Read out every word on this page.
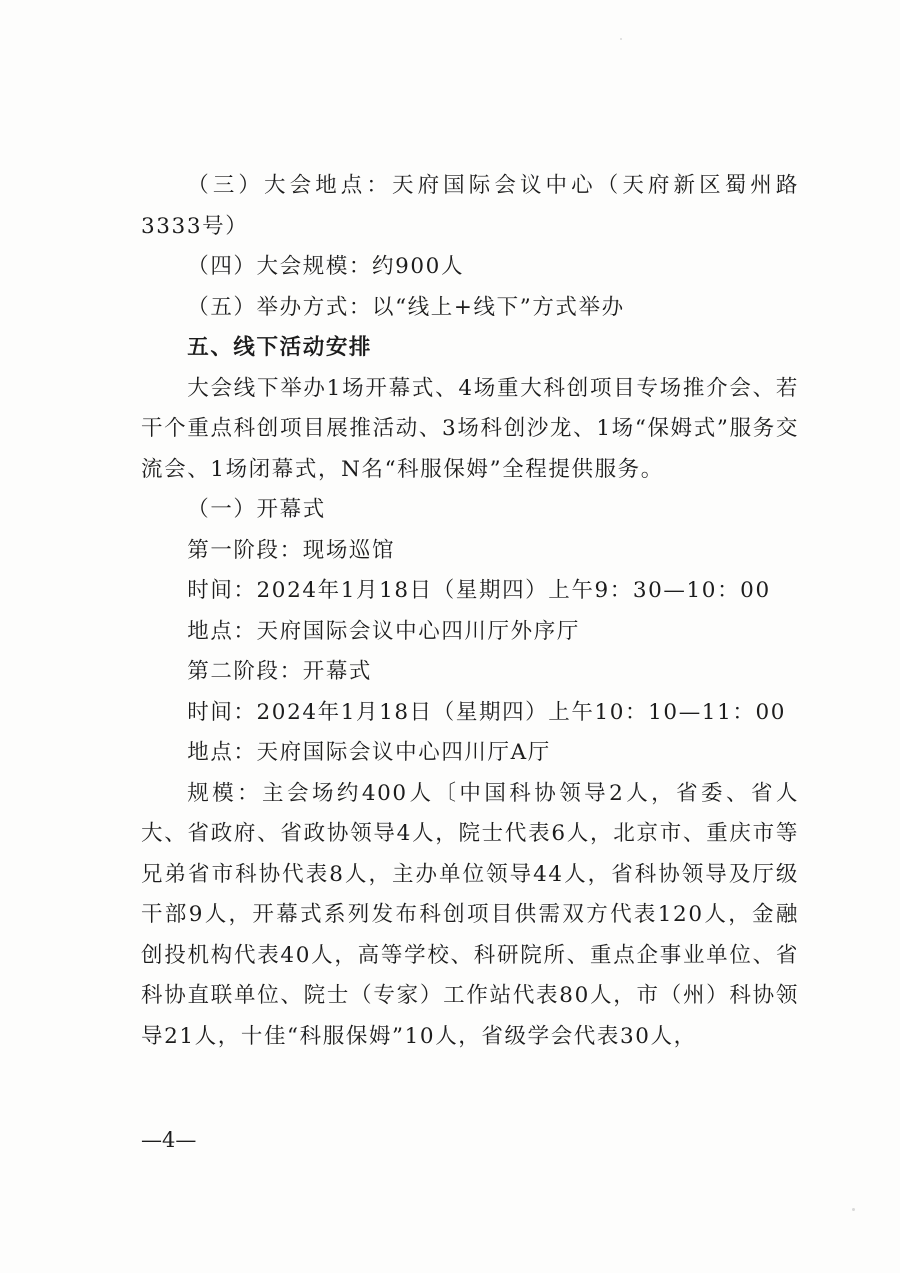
（三）大会地点：天府国际会议中心（天府新区蜀州路3333号）

（四）大会规模：约900人

（五）举办方式：以“线上+线下”方式举办

五、线下活动安排

大会线下举办1场开幕式、4场重大科创项目专场推介会、若干个重点科创项目展推活动、3场科创沙龙、1场“保姆式”服务交流会、1场闭幕式，N名“科服保姆”全程提供服务。

（一）开幕式

第一阶段：现场巡馆

时间：2024年1月18日（星期四）上午9：30—10：00

地点：天府国际会议中心四川厅外序厅

第二阶段：开幕式

时间：2024年1月18日（星期四）上午10：10—11：00

地点：天府国际会议中心四川厅A厅

规模：主会场约400人〔中国科协领导2人，省委、省人大、省政府、省政协领导4人，院士代表6人，北京市、重庆市等兄弟省市科协代表8人，主办单位领导44人，省科协领导及厅级干部9人，开幕式系列发布科创项目供需双方代表120人，金融创投机构代表40人，高等学校、科研院所、重点企事业单位、省科协直联单位、院士（专家）工作站代表80人，市（州）科协领导21人，十佳“科服保姆”10人，省级学会代表30人，

—4—
